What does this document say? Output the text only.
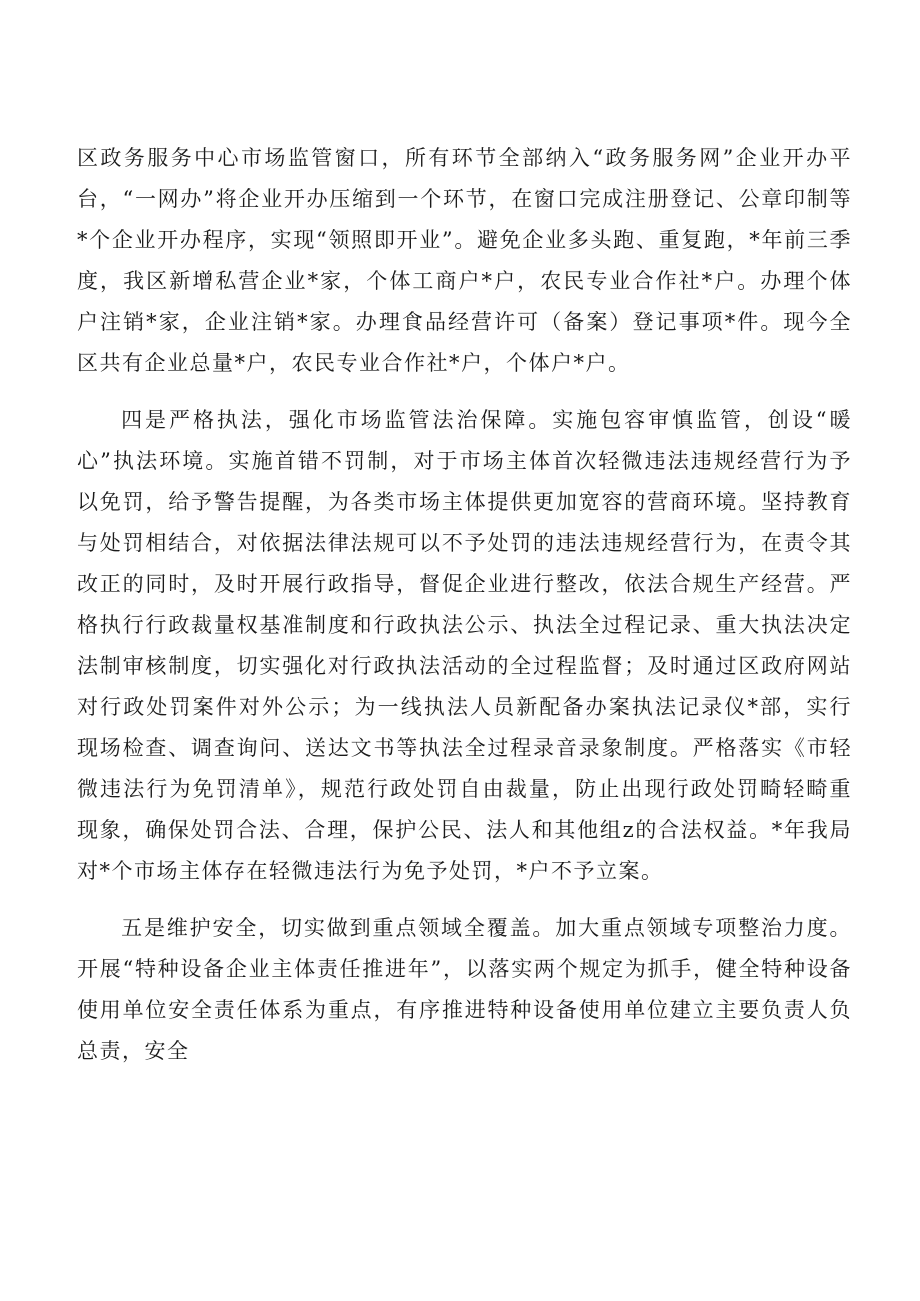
区政务服务中心市场监管窗口，所有环节全部纳入“政务服务网”企业开办平台，“一网办”将企业开办压缩到一个环节，在窗口完成注册登记、公章印制等*个企业开办程序，实现“领照即开业”。避免企业多头跑、重复跑，*年前三季度，我区新增私营企业*家，个体工商户*户，农民专业合作社*户。办理个体户注销*家，企业注销*家。办理食品经营许可（备案）登记事项*件。现今全区共有企业总量*户，农民专业合作社*户，个体户*户。

四是严格执法，强化市场监管法治保障。实施包容审慎监管，创设“暖心”执法环境。实施首错不罚制，对于市场主体首次轻微违法违规经营行为予以免罚，给予警告提醒，为各类市场主体提供更加宽容的营商环境。坚持教育与处罚相结合，对依据法律法规可以不予处罚的违法违规经营行为，在责令其改正的同时，及时开展行政指导，督促企业进行整改，依法合规生产经营。严格执行行政裁量权基准制度和行政执法公示、执法全过程记录、重大执法决定法制审核制度，切实强化对行政执法活动的全过程监督；及时通过区政府网站对行政处罚案件对外公示；为一线执法人员新配备办案执法记录仪*部，实行现场检查、调查询问、送达文书等执法全过程录音录象制度。严格落实《市轻微违法行为免罚清单》，规范行政处罚自由裁量，防止出现行政处罚畸轻畸重现象，确保处罚合法、合理，保护公民、法人和其他组z的合法权益。*年我局对*个市场主体存在轻微违法行为免予处罚，*户不予立案。

五是维护安全，切实做到重点领域全覆盖。加大重点领域专项整治力度。开展“特种设备企业主体责任推进年”，以落实两个规定为抓手，健全特种设备使用单位安全责任体系为重点，有序推进特种设备使用单位建立主要负责人负总责，安全
